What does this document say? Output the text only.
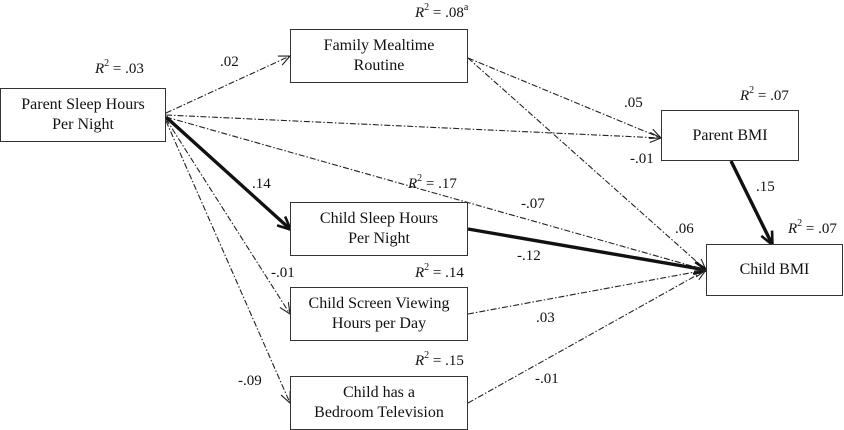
Parent Sleep Hours
Per Night
Family Mealtime
Routine
Parent BMI
Child Sleep Hours
Per Night
Child Screen Viewing
Hours per Day
Child has a
Bedroom Television
Child BMI
$R^2 = .03$
$R^2 = .08^a$
$R^2 = .07$
$R^2 = .17$
$R^2 = .14$
$R^2 = .15$
$R^2 = .07$
.02
.05
-.01
.14
-.07
.06
-.12
-.01
.03
-.09	-.01
.15
